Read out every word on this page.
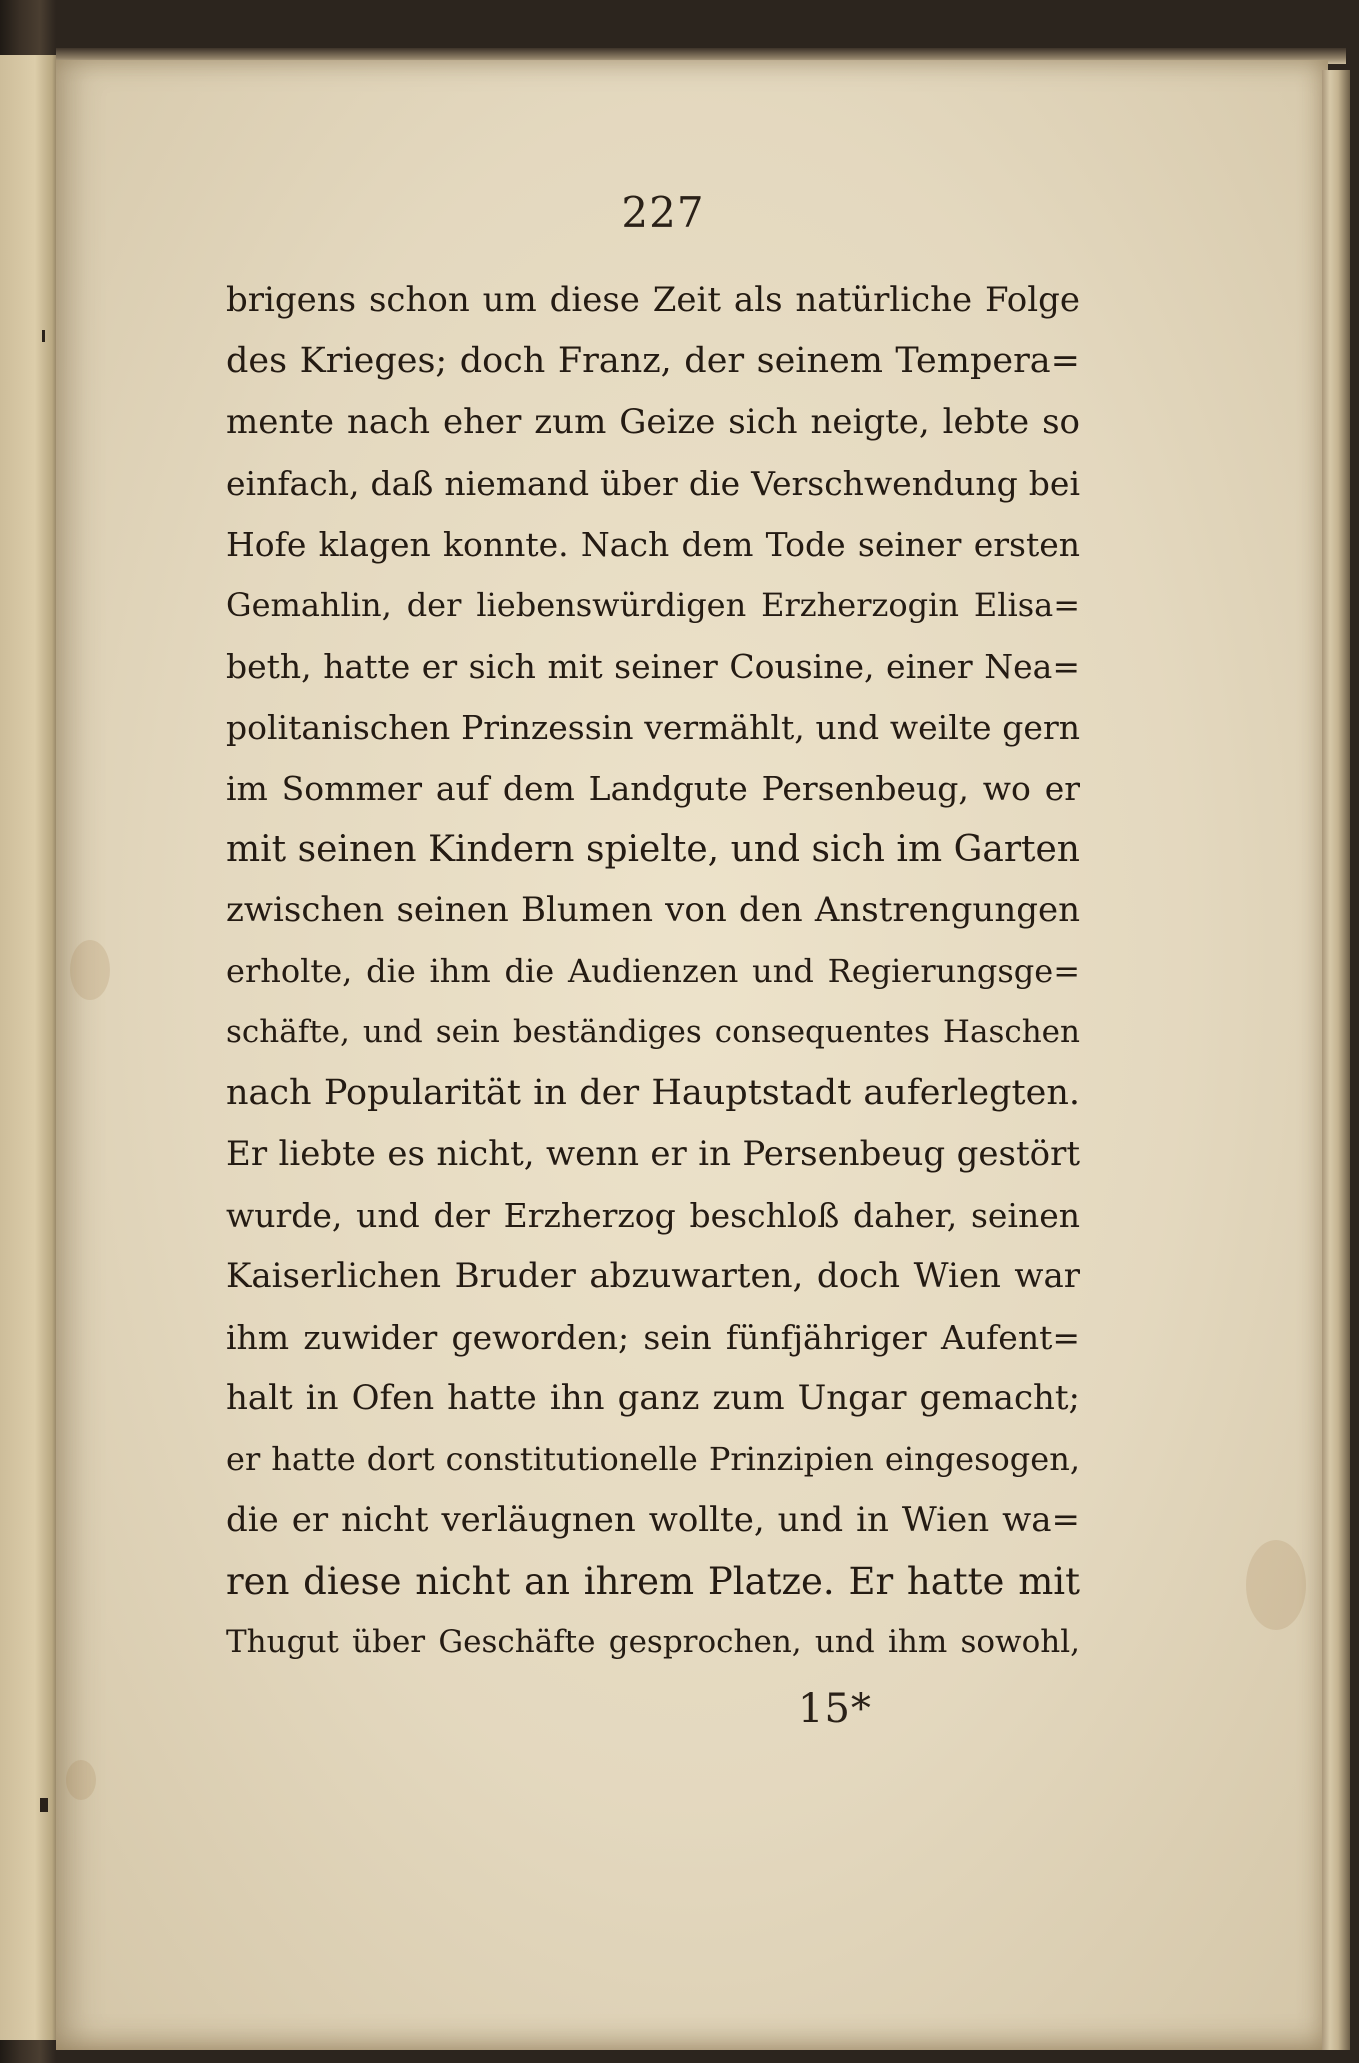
227
brigens schon um diese Zeit als natürliche Folge
des Krieges; doch Franz, der seinem Tempera=
mente nach eher zum Geize sich neigte, lebte so
einfach, daß niemand über die Verschwendung bei
Hofe klagen konnte. Nach dem Tode seiner ersten
Gemahlin, der liebenswürdigen Erzherzogin Elisa=
beth, hatte er sich mit seiner Cousine, einer Nea=
politanischen Prinzessin vermählt, und weilte gern
im Sommer auf dem Landgute Persenbeug, wo er
mit seinen Kindern spielte, und sich im Garten
zwischen seinen Blumen von den Anstrengungen
erholte, die ihm die Audienzen und Regierungsge=
schäfte, und sein beständiges consequentes Haschen
nach Popularität in der Hauptstadt auferlegten.
Er liebte es nicht, wenn er in Persenbeug gestört
wurde, und der Erzherzog beschloß daher, seinen
Kaiserlichen Bruder abzuwarten, doch Wien war
ihm zuwider geworden; sein fünfjähriger Aufent=
halt in Ofen hatte ihn ganz zum Ungar gemacht;
er hatte dort constitutionelle Prinzipien eingesogen,
die er nicht verläugnen wollte, und in Wien wa=
ren diese nicht an ihrem Platze. Er hatte mit
Thugut über Geschäfte gesprochen, und ihm sowohl,
15*
